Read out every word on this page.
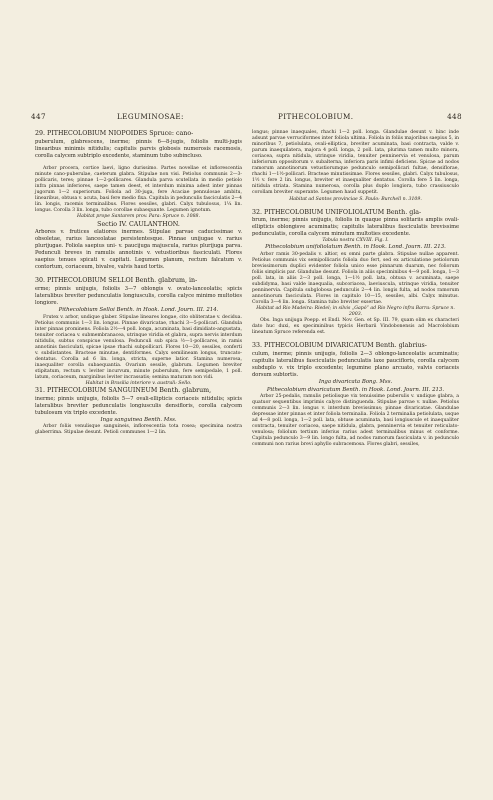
447	LEGUMINOSAE:	PITHECOLOBIUM.	448

29. PITHECOLOBIUM NIOPOIDES Spruce: cano-

puberulum, glabrescens, inerme; pinnis 6—8-jugis, foliolis multi-jugis linearibus minimis nitidulis; capitulis parvis globosis numerosis racemosis, corolla calycem subtriplo excedente, staminum tubo subincluso.

Arbor procera, cortice laevi, ligno durissimo. Partes novellae et inflorescentia minute cano-puberulae, caeterum glabra. Stipulae non visi. Petiolus communis 2—3-pollicaris, teres; pinnae 1—2-pollicares. Glandula parva scutellata in medio petiolo infra pinnas inferiores, saepe tamen deest, et interdum minima adest inter pinnas jugorum 1—2 superiorum. Foliola ad 30-juga, fere Acaciae pennulosae ambitu, linearibus, obtusa v. acuta, basi fere medio fixa. Capitula in pedunculis fasciculatis 2—4 lin. longis, racemis terminalibus. Flores sessiles, glabri. Calyx tubulosus, 1¼ lin. longus. Corolla 3 lin. longa, tubo corollae subaequante. Legumen ignotum.

Habitat prope Santarem prov. Para: Spruce n. 1088.

Sectio IV. CAULANTHON.

Arbores v. frutices elatiores inermes. Stipulae parvae caducissimae v. obsoletae, rarius lanceolatae persistentesque. Pinnae unijugae v. rarius plurijugae. Foliola saepius uni- v. paucijuga majuscula, rarius plurijuga parva. Pedunculi breves in ramulis annotinis v. vetustioribus fasciculati. Flores saepius tenues spicati v. capitati. Legumen planum, rectum falcatum v. contortum, coriaceum, bivalve, valvis haud tortis.

30. PITHECOLOBIUM SELLOI Benth. glabrum, in-

erme; pinnis unijugis, foliolis 3—7 oblongis v. ovato-lanceolatis; spicis lateralibus breviter pedunculatis longiusculis, corolla calyce minimo multoties longiore.

Pithecolobium Selloi Benth. in Hook. Lond. Journ. III. 214.

Frutex v. arbor, undique glaber. Stipulae lineares longae, cito obliteratae v. decidua. Petiolus communis 1—3 lin. longus. Pinnae divaricatae, rhachi 3—5-pollicari. Glandula inter pinnas prominens. Foliola 2½—4 poll. longa, acuminata, basi dimidiato-angustata, tenuiter coriacea v. submembranacea, utrinque viridia et glabra, supra nervis interdum nitidulis, subtus conspicue venulosa. Pedunculi sub spica ½—1-pollicares, in ramis annotinis fasciculati, spicae ipsae rhachi subpollicari. Flores 10—20, sessiles, conferti v. subdistantes. Bracteae minutae, dentiformes. Calyx semilineam longus, truncato-dentatus. Corolla ad 6 lin. longa, stricta, superne latior. Stamina numerosa, inaequaliter corolla subaequantia. Ovarium sessile, glabrum. Legumen breviter stipitatum, rectum v. leviter incurvum, minute puberulum, fere semipedale, 1 poll. latum, coriaceum, marginibus leviter incrassatis; semina maturam non vidi.

Habitat in Brasilia interiore v. australi: Sello.

31. PITHECOLOBIUM SANGUINEUM Benth. glabrum,

inerme; pinnis unijugis, foliolis 5—7 ovali-ellipticis coriaceis nitidulis; spicis lateralibus breviter pedunculatis longiusculis densifloris, corolla calycem tubulosum vix triplo excedente.

Inga sanguinea Benth. Mss.

Arbor foliis venulisque sanguineis, inflorescentia tota rosea; specimina nostra glaberrima. Stipulae desunt. Petioli communes 1—2 lin.

longus; pinnae inaequales, rhachi 1—2 poll. longa. Glandulae desunt v. hinc inde adsunt parvae verruciformes inter foliola ultima. Foliola in foliis majoribus saepius 5, in minoribus 7, petiolulata, ovali-elliptica, breviter acuminata, basi contracta, valde v. parum inaequilatera, majora 4 poll. longa, 2 poll. lata, plurima tamen multo minora, coriacea, supra nitidula, utrinque viridia, tenuiter penninervia et venulosa, parum inferiorum oppositorum v. subalterna, inferiora paris infimi deficiens. Spicae ad nodos ramorum annotinorum vetustiorumque pedunculo semipollicari fultae, densiflorae, rhachi 1—1½-pollicari. Bracteae minutissimae. Flores sessiles, glabri. Calyx tubulosus, 1½ v. fere 2 lin. longus, breviter et inaequaliter dentatus. Corolla fere 5 lin. longa, nitidula striata. Stamina numerosa, corolla plus duplo longiora, tubo crassiusculo corollam breviter superante. Legumen haud suppetit.

Habitat ad Santos provinciae S. Paulo: Burchell n. 3109.

32. PITHECOLOBIUM UNIFOLIOLATUM Benth. gla-

brum, inerme; pinnis unijugis, foliolis in quaque pinna solitariis amplis ovali-ellipticis oblongisve acuminatis; capitulis lateralibus fasciculatis brevissime pedunculatis, corolla calycem minutum multoties excedente.

Tabula nostra CXVIII. Fig. I.

Pithecolobium unifoliolatum Benth. in Hook. Lond. Journ. III. 213.

Arbor ramis 30-pedalis v. altior, ex omni parte glabra. Stipulae nullae apparent. Petiolus communis vix semipollicaris foliola duo fert, sed ex articulatione petiolorum brevissimorum duplici evidenter foliola unico esse pinnarum duarum, nec foliorum foliis simplicis par. Glandulae desunt. Foliola in aliis speciminibus 4—9 poll. longa, 1—3 poll. lata, in aliis 2—3 poll. longa, 1—1½ poll. lata, obtusa v. acuminata, saepe subdidyma, basi valde inaequalia, subcoriacea, laeviuscula, utrinque viridia, tenuiter penninervia. Capitula subglobosa pedunculis 2—4 lin. longis fulta, ad nodos ramorum annotinorum fasciculata. Flores in capitulo 10—15, sessiles, albi. Calyx minutus. Corolla 3—4 lin. longa. Stamina tubo breviter exsertae.

Habitat ad Rio Madeira: Riedel; in silvis „Gapó“ ad Rio Negro infra Barra: Spruce n. 2003.

Obs. Inga unijuga Poepp. et Endl. Nov. Gen. et Sp. III. 79, quam olim ex characteri dato huc duxi, ex speciminibus typicis Herbarii Vindobonensis ad Macrolobium lineatum Spruce referenda est.

33. PITHECOLOBIUM DIVARICATUM Benth. glabrius-

culum, inerme; pinnis unijugis, foliolis 2—3 oblongo-lanceolatis acuminatis; capitulis lateralibus fasciculatis pedunculatis laxe paucifloris, corolla calycem subduplo v. vix triplo excedente; legumine plano arcuato, valvis coriaceis dorsum subtortis.

Inga divaricata Bong. Mss.

Pithecolobium divaricatum Benth. in Hook. Lond. Journ. III. 213.

Arbor 25-pedalis, ramulis petiolisque vix tenuissime puberulis v. undique glabra, a quatuor sequentibus imprimis calyce distinguenda. Stipulae parvae v. nullae. Petiolus communis 2—3 lin. longus v. interdum brevissimus; pinnae divaricatae. Glandulae depressae inter pinnas et inter foliola terminalia. Foliola 2 terminalia petiolulata, usque ad 4—8 poll. longa, 1—2 poll. lata, obtuse acuminata, basi longiuscule et inaequaliter contracta, tenuiter coriacea, saepe nitidula, glabra, penninervia et tenuiter reticulato-venulosa; foliolum tertium inferius rarius adest terminalibus minus et conforme. Capitula pedunculo 3—9 lin. longo fulta, ad nodos ramorum fasciculata v. in pedunculo communi non rarius brevi aphyllo subracemosa. Flores glabri, sessiles,
